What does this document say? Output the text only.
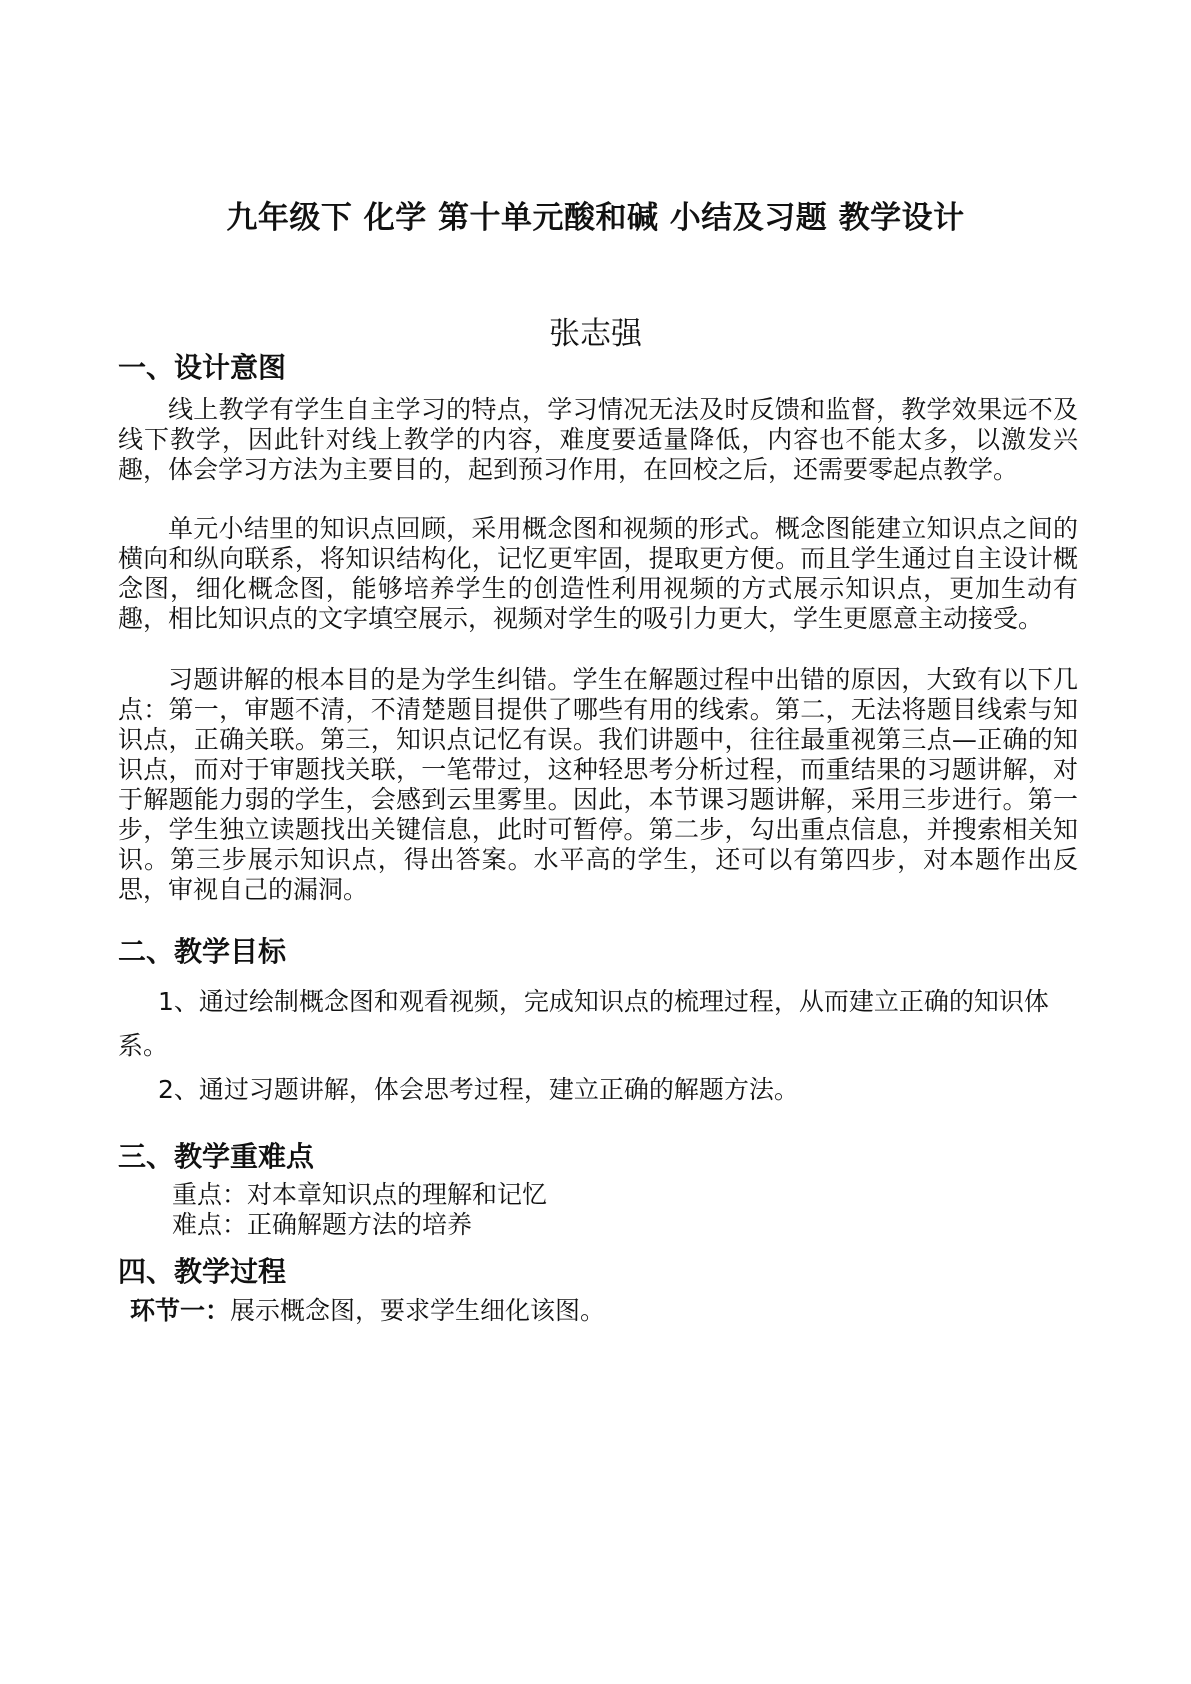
九年级下 化学 第十单元酸和碱 小结及习题 教学设计
张志强
一、设计意图
线上教学有学生自主学习的特点，学习情况无法及时反馈和监督，教学效果远不及线下教学，因此针对线上教学的内容，难度要适量降低，内容也不能太多，以激发兴趣，体会学习方法为主要目的，起到预习作用，在回校之后，还需要零起点教学。
单元小结里的知识点回顾，采用概念图和视频的形式。概念图能建立知识点之间的横向和纵向联系，将知识结构化，记忆更牢固，提取更方便。而且学生通过自主设计概念图，细化概念图，能够培养学生的创造性利用视频的方式展示知识点，更加生动有趣，相比知识点的文字填空展示，视频对学生的吸引力更大，学生更愿意主动接受。
习题讲解的根本目的是为学生纠错。学生在解题过程中出错的原因，大致有以下几点：第一，审题不清，不清楚题目提供了哪些有用的线索。第二，无法将题目线索与知识点，正确关联。第三，知识点记忆有误。我们讲题中，往往最重视第三点—正确的知识点，而对于审题找关联，一笔带过，这种轻思考分析过程，而重结果的习题讲解，对于解题能力弱的学生，会感到云里雾里。因此，本节课习题讲解，采用三步进行。第一步，学生独立读题找出关键信息，此时可暂停。第二步，勾出重点信息，并搜索相关知识。第三步展示知识点，得出答案。水平高的学生，还可以有第四步，对本题作出反思，审视自己的漏洞。
二、教学目标
1、通过绘制概念图和观看视频，完成知识点的梳理过程，从而建立正确的知识体系。
2、通过习题讲解，体会思考过程，建立正确的解题方法。
三、教学重难点
重点：对本章知识点的理解和记忆
难点：正确解题方法的培养
四、教学过程
环节一：展示概念图，要求学生细化该图。
